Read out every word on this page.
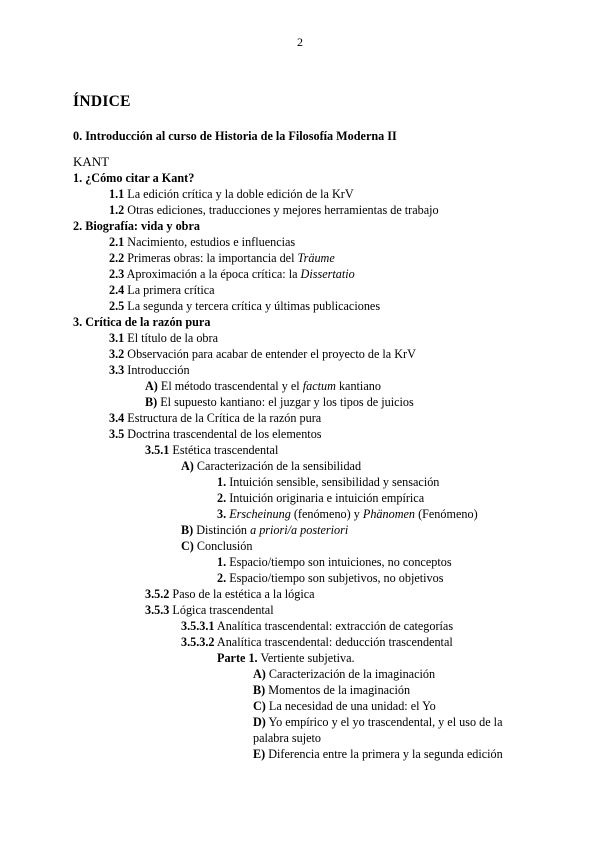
2
ÍNDICE
0. Introducción al curso de Historia de la Filosofía Moderna II
KANT
1. ¿Cómo citar a Kant?
1.1 La edición crítica y la doble edición de la KrV
1.2 Otras ediciones, traducciones y mejores herramientas de trabajo
2. Biografía: vida y obra
2.1 Nacimiento, estudios e influencias
2.2 Primeras obras: la importancia del Träume
2.3 Aproximación a la época crítica: la Dissertatio
2.4 La primera crítica
2.5 La segunda y tercera crítica y últimas publicaciones
3. Crítica de la razón pura
3.1 El título de la obra
3.2 Observación para acabar de entender el proyecto de la KrV
3.3 Introducción
A) El método trascendental y el factum kantiano
B) El supuesto kantiano: el juzgar y los tipos de juicios
3.4 Estructura de la Crítica de la razón pura
3.5 Doctrina trascendental de los elementos
3.5.1 Estética trascendental
A) Caracterización de la sensibilidad
1. Intuición sensible, sensibilidad y sensación
2. Intuición originaria e intuición empírica
3. Erscheinung (fenómeno) y Phänomen (Fenómeno)
B) Distinción a priori/a posteriori
C) Conclusión
1. Espacio/tiempo son intuiciones, no conceptos
2. Espacio/tiempo son subjetivos, no objetivos
3.5.2 Paso de la estética a la lógica
3.5.3 Lógica trascendental
3.5.3.1 Analítica trascendental: extracción de categorías
3.5.3.2 Analítica trascendental: deducción trascendental
Parte 1. Vertiente subjetiva.
A) Caracterización de la imaginación
B) Momentos de la imaginación
C) La necesidad de una unidad: el Yo
D) Yo empírico y el yo trascendental, y el uso de la
palabra sujeto
E) Diferencia entre la primera y la segunda edición
